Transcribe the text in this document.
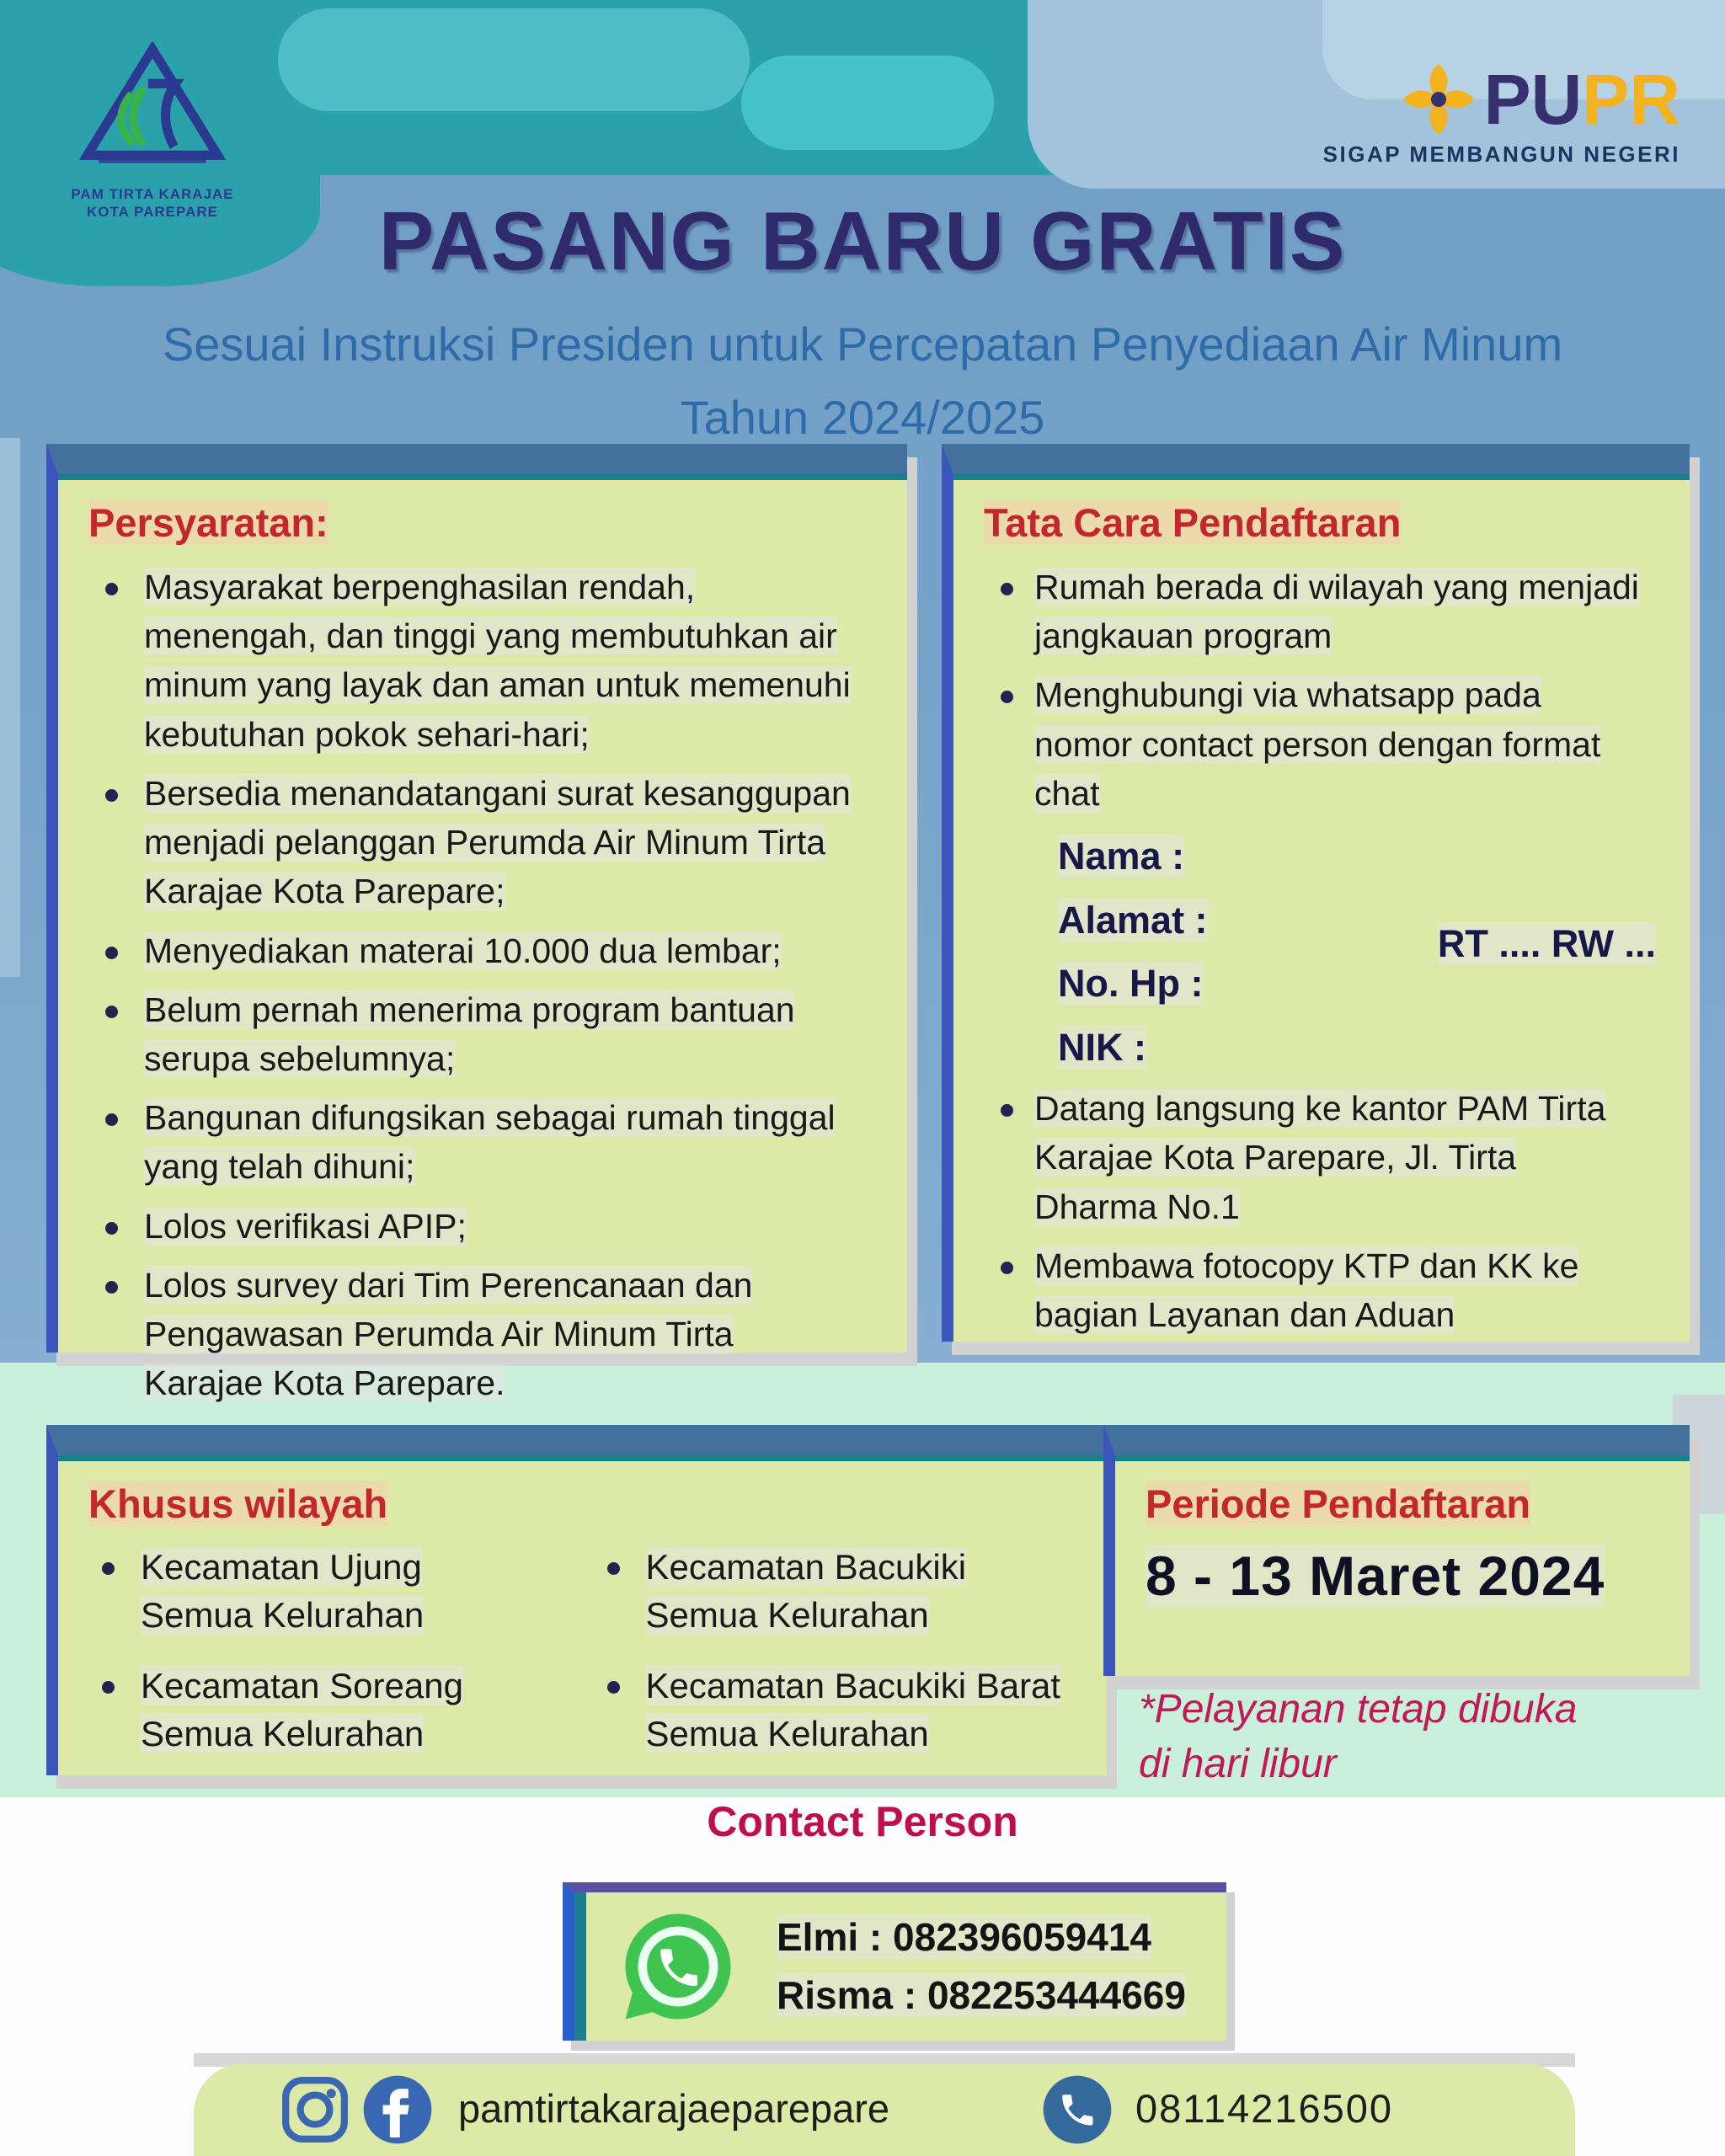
PAM TIRTA KARAJAE
KOTA PAREPARE
PUPR
SIGAP MEMBANGUN NEGERI
PASANG BARU GRATIS
Sesuai Instruksi Presiden untuk Percepatan Penyediaan Air Minum Tahun 2024/2025
Persyaratan:
Masyarakat berpenghasilan rendah, menengah, dan tinggi yang membutuhkan air minum yang layak dan aman untuk memenuhi kebutuhan pokok sehari-hari;
Bersedia menandatangani surat kesanggupan menjadi pelanggan Perumda Air Minum Tirta Karajae Kota Parepare;
Menyediakan materai 10.000 dua lembar;
Belum pernah menerima program bantuan serupa sebelumnya;
Bangunan difungsikan sebagai rumah tinggal yang telah dihuni;
Lolos verifikasi APIP;
Lolos survey dari Tim Perencanaan dan Pengawasan Perumda Air Minum Tirta Karajae Kota Parepare.
Tata Cara Pendaftaran
Rumah berada di wilayah yang menjadi jangkauan program
Menghubungi via whatsapp pada nomor contact person dengan format chat
Nama :
Alamat :
No. Hp :
NIK :
RT .... RW ...
Datang langsung ke kantor PAM Tirta Karajae Kota Parepare, Jl. Tirta Dharma No.1
Membawa fotocopy KTP dan KK ke bagian Layanan dan Aduan
Khusus wilayah
Kecamatan Ujung
Semua Kelurahan
Kecamatan Bacukiki
Semua Kelurahan
Kecamatan Soreang
Semua Kelurahan
Kecamatan Bacukiki Barat
Semua Kelurahan
Periode Pendaftaran
8 - 13 Maret 2024
*Pelayanan tetap dibuka di hari libur
Contact Person
Elmi : 082396059414
Risma : 082253444669
pamtirtakarajaeparepare	08114216500
